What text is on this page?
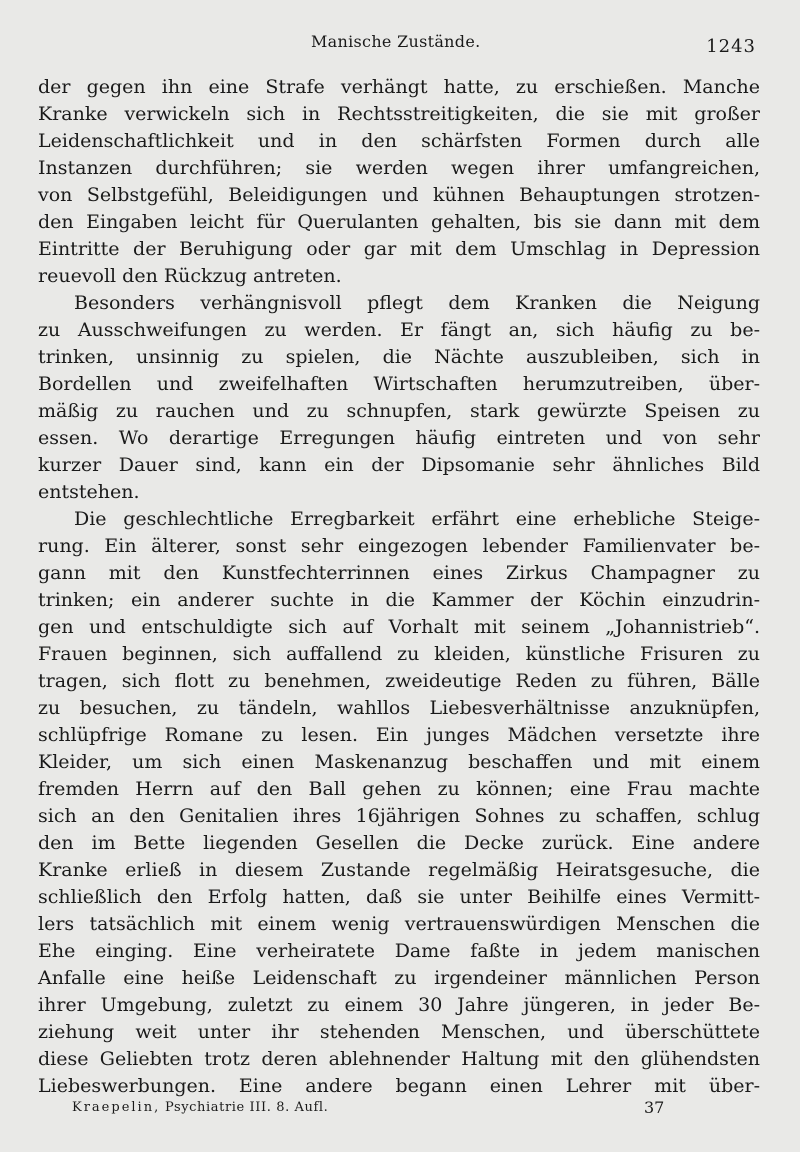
Manische Zustände.	1243

der gegen ihn eine Strafe verhängt hatte, zu erschießen. Manche
Kranke verwickeln sich in Rechtsstreitigkeiten, die sie mit großer
Leidenschaftlichkeit und in den schärfsten Formen durch alle
Instanzen durchführen; sie werden wegen ihrer umfangreichen,
von Selbstgefühl, Beleidigungen und kühnen Behauptungen strotzen-
den Eingaben leicht für Querulanten gehalten, bis sie dann mit dem
Eintritte der Beruhigung oder gar mit dem Umschlag in Depression
reuevoll den Rückzug antreten.

Besonders verhängnisvoll pflegt dem Kranken die Neigung
zu Ausschweifungen zu werden. Er fängt an, sich häufig zu be-
trinken, unsinnig zu spielen, die Nächte auszubleiben, sich in
Bordellen und zweifelhaften Wirtschaften herumzutreiben, über-
mäßig zu rauchen und zu schnupfen, stark gewürzte Speisen zu
essen. Wo derartige Erregungen häufig eintreten und von sehr
kurzer Dauer sind, kann ein der Dipsomanie sehr ähnliches Bild
entstehen.

Die geschlechtliche Erregbarkeit erfährt eine erhebliche Steige-
rung. Ein älterer, sonst sehr eingezogen lebender Familienvater be-
gann mit den Kunstfechterrinnen eines Zirkus Champagner zu
trinken; ein anderer suchte in die Kammer der Köchin einzudrin-
gen und entschuldigte sich auf Vorhalt mit seinem „Johannistrieb“.
Frauen beginnen, sich auffallend zu kleiden, künstliche Frisuren zu
tragen, sich flott zu benehmen, zweideutige Reden zu führen, Bälle
zu besuchen, zu tändeln, wahllos Liebesverhältnisse anzuknüpfen,
schlüpfrige Romane zu lesen. Ein junges Mädchen versetzte ihre
Kleider, um sich einen Maskenanzug beschaffen und mit einem
fremden Herrn auf den Ball gehen zu können; eine Frau machte
sich an den Genitalien ihres 16jährigen Sohnes zu schaffen, schlug
den im Bette liegenden Gesellen die Decke zurück. Eine andere
Kranke erließ in diesem Zustande regelmäßig Heiratsgesuche, die
schließlich den Erfolg hatten, daß sie unter Beihilfe eines Vermitt-
lers tatsächlich mit einem wenig vertrauenswürdigen Menschen die
Ehe einging. Eine verheiratete Dame faßte in jedem manischen
Anfalle eine heiße Leidenschaft zu irgendeiner männlichen Person
ihrer Umgebung, zuletzt zu einem 30 Jahre jüngeren, in jeder Be-
ziehung weit unter ihr stehenden Menschen, und überschüttete
diese Geliebten trotz deren ablehnender Haltung mit den glühendsten
Liebeswerbungen. Eine andere begann einen Lehrer mit über-

Kraepelin, Psychiatrie III. 8. Aufl.	37
